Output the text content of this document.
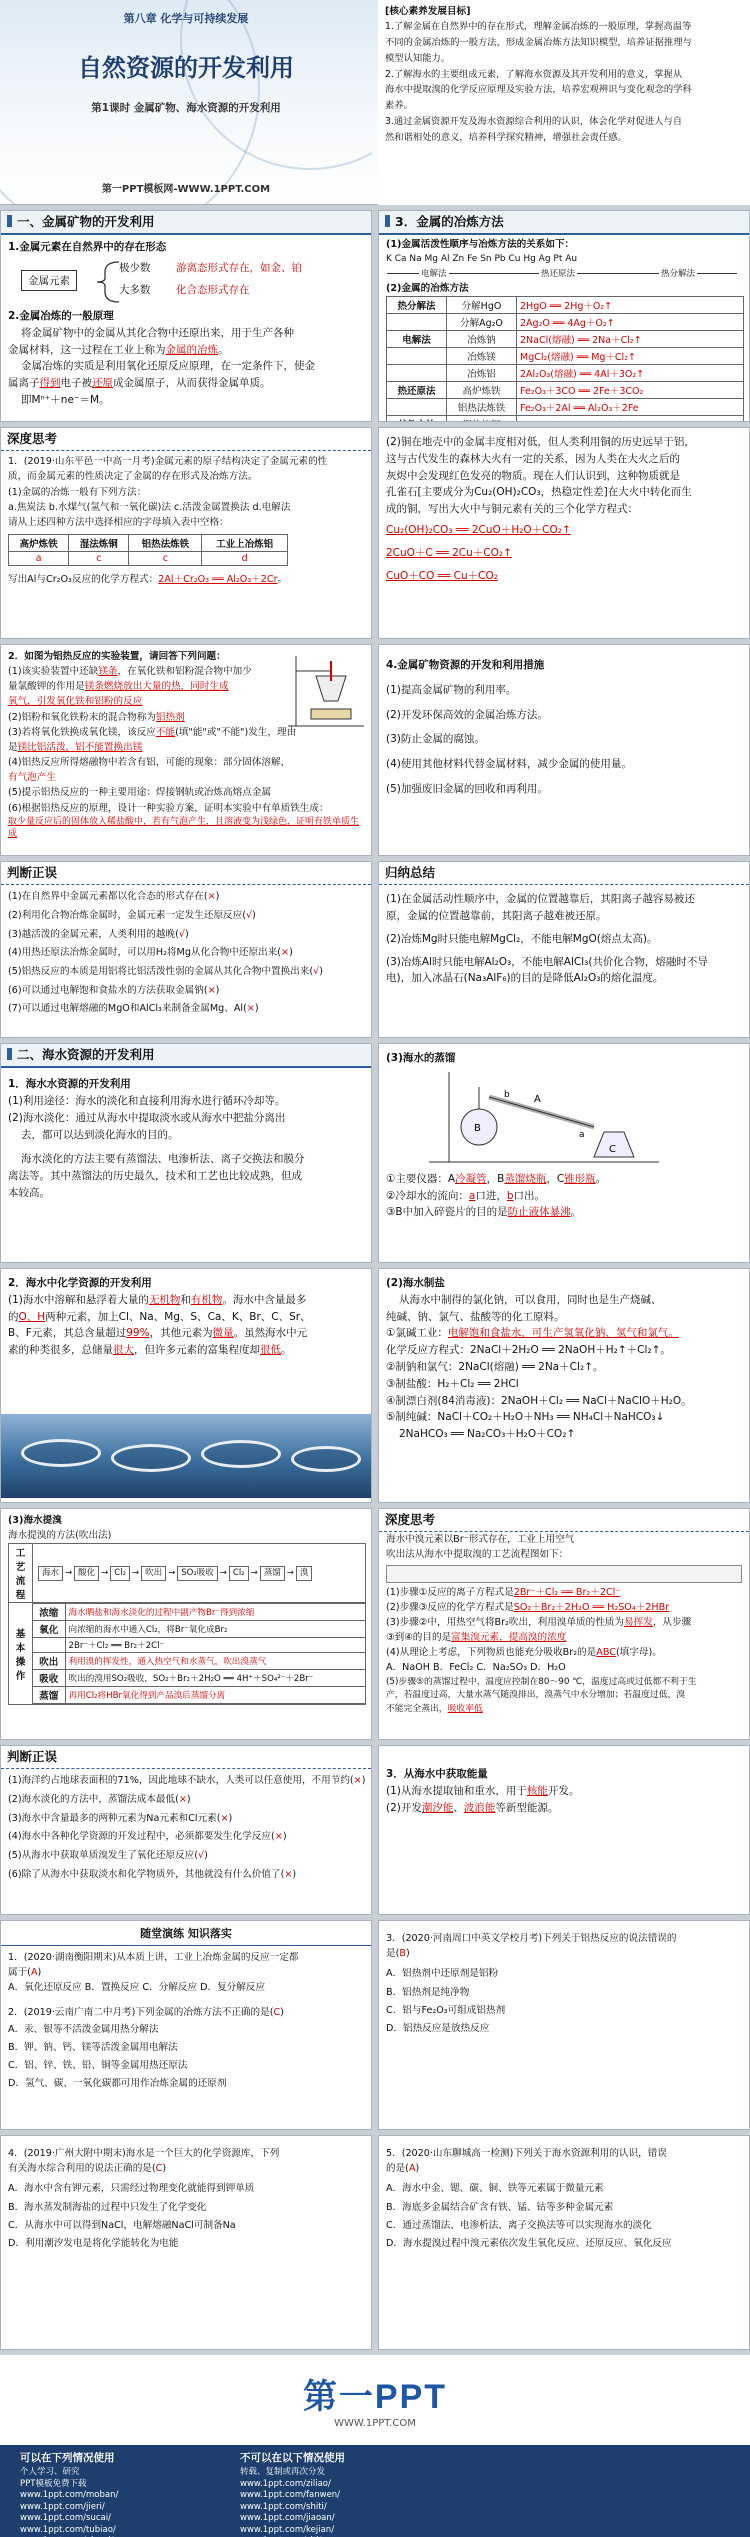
第八章 化学与可持续发展
自然资源的开发利用
第1课时 金属矿物、海水资源的开发利用
第一PPT模板网-WWW.1PPT.COM
[核心素养发展目标]
1.了解金属在自然界中的存在形式，理解金属冶炼的一般原理，掌握高温等
不同的金属冶炼的一般方法，形成金属冶炼方法知识模型，培养证据推理与
模型认知能力。
2.了解海水的主要组成元素，了解海水资源及其开发利用的意义，掌握从
海水中提取溴的化学反应原理及实验方法，培养宏观辨识与变化观念的学科
素养。
3.通过金属资源开发及海水资源综合利用的认识，体会化学对促进人与自
然和谐相处的意义，培养科学探究精神，增强社会责任感。
一、金属矿物的开发利用
1.金属元素在自然界中的存在形态
金属元素
极少数 游离态形式存在，如金、铂
大多数 化合态形式存在
2.金属冶炼的一般原理
将金属矿物中的金属从其化合物中还原出来，用于生产各种
金属材料，这一过程在工业上称为金属的冶炼。
金属冶炼的实质是利用氧化还原反应原理，在一定条件下，使金
属离子得到电子被还原成金属原子，从而获得金属单质。
即Mⁿ⁺＋ne⁻＝M。
3．金属的冶炼方法
(1)金属活泼性顺序与冶炼方法的关系如下：
K Ca Na Mg Al Zn Fe Sn Pb Cu Hg Ag Pt Au
电解法	热还原法	热分解法
(2)金属的冶炼方法
热分解法	分解HgO	2HgO ══ 2Hg＋O₂↑
	分解Ag₂O	2Ag₂O ══ 4Ag＋O₂↑
电解法	冶炼钠	2NaCl(熔融) ══ 2Na＋Cl₂↑
	冶炼镁	MgCl₂(熔融) ══ Mg＋Cl₂↑
	冶炼铝	2Al₂O₃(熔融) ══ 4Al＋3O₂↑
热还原法	高炉炼铁	Fe₂O₃＋3CO ══ 2Fe＋3CO₂
	铝热法炼铁	Fe₂O₃＋2Al ══ Al₂O₃＋2Fe

深度思考
1．(2019·山东平邑一中高一月考)金属元素的原子结构决定了金属元素的性
质，而金属元素的性质决定了金属的存在形式及冶炼方法。
(1)金属的冶炼一般有下列方法：
a.焦炭法 b.水煤气(氢气和一氧化碳)法 c.活泼金属置换法 d.电解法
请从上述四种方法中选择相应的字母填入表中空格：
高炉炼铁	湿法炼铜	铝热法炼铁	工业上冶炼铝
a	c	c	d
写出Al与Cr₂O₃反应的化学方程式：2Al＋Cr₂O₃ ══ Al₂O₃＋2Cr。
(2)铜在地壳中的金属丰度相对低，但人类利用铜的历史远早于铝，
这与古代发生的森林大火有一定的关系，因为人类在大火之后的
灰烬中会发现红色发亮的物质。现在人们认识到，这种物质就是
孔雀石[主要成分为Cu₂(OH)₂CO₃，热稳定性差]在大火中转化而生
成的铜，写出大火中与铜元素有关的三个化学方程式：
Cu₂(OH)₂CO₃ ══ 2CuO＋H₂O＋CO₂↑
2CuO＋C ══ 2Cu＋CO₂↑
CuO＋CO ══ Cu＋CO₂
2．如图为铝热反应的实验装置，请回答下列问题：
(1)该实验装置中还缺镁条，在氧化铁和铝粉混合物中加少
量氯酸钾的作用是镁条燃烧放出大量的热，同时生成
氧气，引发氧化铁和铝粉的反应
(2)铝粉和氧化铁粉末的混合物称为铝热剂
(3)若将氧化铁换成氧化镁，该反应不能(填"能"或"不能")发生，理由
是镁比铝活泼，铝不能置换出镁
(4)铝热反应所得熔融物中若含有铝，可能的现象：部分固体溶解，
有气泡产生
(5)提示铝热反应的一种主要用途：焊接钢轨或冶炼高熔点金属
(6)根据铝热反应的原理，设计一种实验方案，证明本实验中有单质铁生成：
取少量反应后的固体放入稀盐酸中，若有气泡产生，且溶液变为浅绿色，证明有铁单质生成
4.金属矿物资源的开发和利用措施
(1)提高金属矿物的利用率。
(2)开发环保高效的金属冶炼方法。
(3)防止金属的腐蚀。
(4)使用其他材料代替金属材料，减少金属的使用量。
(5)加强废旧金属的回收和再利用。
判断正误
(1)在自然界中金属元素都以化合态的形式存在(×)
(2)利用化合物冶炼金属时，金属元素一定发生还原反应(√)
(3)越活泼的金属元素，人类利用的越晚(√)
(4)用热还原法冶炼金属时，可以用H₂将Mg从化合物中还原出来(×)
(5)铝热反应的本质是用铝将比铝活泼性弱的金属从其化合物中置换出来(√)
(6)可以通过电解饱和食盐水的方法获取金属钠(×)
(7)可以通过电解熔融的MgO和AlCl₃来制备金属Mg、Al(×)
归纳总结
(1)在金属活动性顺序中，金属的位置越靠后，其阳离子越容易被还
原，金属的位置越靠前，其阳离子越难被还原。
(2)冶炼Mg时只能电解MgCl₂，不能电解MgO(熔点太高)。
(3)冶炼Al时只能电解Al₂O₃，不能电解AlCl₃(共价化合物，熔融时不导
电)，加入冰晶石(Na₃AlF₆)的目的是降低Al₂O₃的熔化温度。
二、海水资源的开发利用
1．海水水资源的开发利用
(1)利用途径：海水的淡化和直接利用海水进行循环冷却等。
(2)海水淡化：通过从海水中提取淡水或从海水中把盐分离出
去，都可以达到淡化海水的目的。
海水淡化的方法主要有蒸馏法、电渗析法、离子交换法和膜分
离法等。其中蒸馏法的历史最久，技术和工艺也比较成熟，但成
本较高。
(3)海水的蒸馏
B
A
C
a
b
①主要仪器：A冷凝管，B蒸馏烧瓶，C锥形瓶。
②冷却水的流向：a口进，b口出。
③B中加入碎瓷片的目的是防止液体暴沸。
2．海水中化学资源的开发利用
(1)海水中溶解和悬浮着大量的无机物和有机物。海水中含量最多
的O、H两种元素，加上Cl、Na、Mg、S、Ca、K、Br、C、Sr、
B、F元素，其总含量超过99%，其他元素为微量。虽然海水中元
素的种类很多，总储量很大，但许多元素的富集程度却很低。
(2)海水制盐
从海水中制得的氯化钠，可以食用，同时也是生产烧碱、
纯碱、钠、氯气、盐酸等的化工原料。
①氯碱工业：电解饱和食盐水，可生产氢氧化钠、氢气和氯气。
化学反应方程式：2NaCl＋2H₂O ══ 2NaOH＋H₂↑＋Cl₂↑。
②制钠和氯气：2NaCl(熔融) ══ 2Na＋Cl₂↑。
③制盐酸：H₂＋Cl₂ ══ 2HCl
④制漂白剂(84消毒液)：2NaOH＋Cl₂ ══ NaCl＋NaClO＋H₂O。
⑤制纯碱：NaCl＋CO₂＋H₂O＋NH₃ ══ NH₄Cl＋NaHCO₃↓
2NaHCO₃ ══ Na₂CO₃＋H₂O＋CO₂↑
(3)海水提溴
海水提溴的方法(吹出法)
工艺流程	
海水 → 酸化 → Cl₂ → 吹出 → SO₂吸收 → Cl₂ → 蒸馏 → 溴

基本操作	
浓缩	海水晒盐和海水淡化的过程中副产物Br⁻得到浓缩
氧化	向浓缩的海水中通入Cl₂，将Br⁻氧化成Br₂
	2Br⁻＋Cl₂ ══ Br₂＋2Cl⁻
吹出	利用溴的挥发性，通入热空气和水蒸气，吹出溴蒸气
吸收	吹出的溴用SO₂吸收，SO₂＋Br₂＋2H₂O ══ 4H⁺＋SO₄²⁻＋2Br⁻
蒸馏	再用Cl₂将HBr氧化得到产品溴后蒸馏分离
深度思考
海水中溴元素以Br⁻形式存在，工业上用空气
吹出法从海水中提取溴的工艺流程图如下：
(1)步骤①反应的离子方程式是2Br⁻＋Cl₂ ══ Br₂＋2Cl⁻
(2)步骤③反应的化学方程式是SO₂＋Br₂＋2H₂O ══ H₂SO₄＋2HBr
(3)步骤②中，用热空气将Br₂吹出，利用溴单质的性质为易挥发，从步骤
③到④的目的是富集溴元素，提高溴的浓度
(4)从理论上考虑，下列物质也能充分吸收Br₂的是ABC(填字母)。
A．NaOH B．FeCl₂ C．Na₂SO₃ D．H₂O
(5)步骤⑤的蒸馏过程中，温度应控制在80～90 ℃，温度过高或过低都不利于生
产，若温度过高，大量水蒸气随溴排出，溴蒸气中水分增加；若温度过低，溴
不能完全蒸出，吸收率低
判断正误
(1)海洋约占地球表面积的71%，因此地球不缺水，人类可以任意使用，不用节约(×)
(2)海水淡化的方法中，蒸馏法成本最低(×)
(3)海水中含量最多的两种元素为Na元素和Cl元素(×)
(4)海水中各种化学资源的开发过程中，必须都要发生化学反应(×)
(5)从海水中获取单质溴发生了氧化还原反应(√)
(6)除了从海水中获取淡水和化学物质外，其他就没有什么价值了(×)
3．从海水中获取能量
(1)从海水提取铀和重水，用于核能开发。
(2)开发潮汐能、波浪能等新型能源。
随堂演练 知识落实
1．(2020·湖南衡阳期末)从本质上讲，工业上冶炼金属的反应一定都
属于(A)
A．氧化还原反应 B．置换反应 C．分解反应 D．复分解反应
2．(2019·云南广南二中月考)下列金属的冶炼方法不正确的是(C)
A．汞、银等不活泼金属用热分解法
B．钾、钠、钙、镁等活泼金属用电解法
C．铝、锌、铁、铅、铜等金属用热还原法
D．氢气、碳、一氧化碳都可用作冶炼金属的还原剂
3．(2020·河南周口中英文学校月考)下列关于铝热反应的说法错误的
是(B)
A．铝热剂中还原剂是铝粉
B．铝热剂是纯净物
C．铝与Fe₂O₃可组成铝热剂
D．铝热反应是放热反应
4．(2019·广州大附中期末)海水是一个巨大的化学资源库，下列
有关海水综合利用的说法正确的是(C)
A．海水中含有钾元素，只需经过物理变化就能得到钾单质
B．海水蒸发制海盐的过程中只发生了化学变化
C．从海水中可以得到NaCl，电解熔融NaCl可制备Na
D．利用潮汐发电是将化学能转化为电能
5．(2020·山东聊城高一检测)下列关于海水资源利用的认识，错误
的是(A)
A．海水中金、锶、碳、铜、铁等元素属于微量元素
B．海底多金属结合矿含有铁、锰、钴等多种金属元素
C．通过蒸馏法、电渗析法、离子交换法等可以实现海水的淡化
D．海水提溴过程中溴元素依次发生氧化反应、还原反应、氧化反应
第一PPT
WWW.1PPT.COM
可以在下列情况使用
个人学习、研究
PPT模板免费下载
www.1ppt.com/moban/
www.1ppt.com/jieri/
www.1ppt.com/sucai/
www.1ppt.com/tubiao/
不可以在以下情况使用
转载、复制或再次分发
www.1ppt.com/ziliao/
www.1ppt.com/fanwen/
www.1ppt.com/shiti/
www.1ppt.com/jiaoan/
www.1ppt.com/kejian/
